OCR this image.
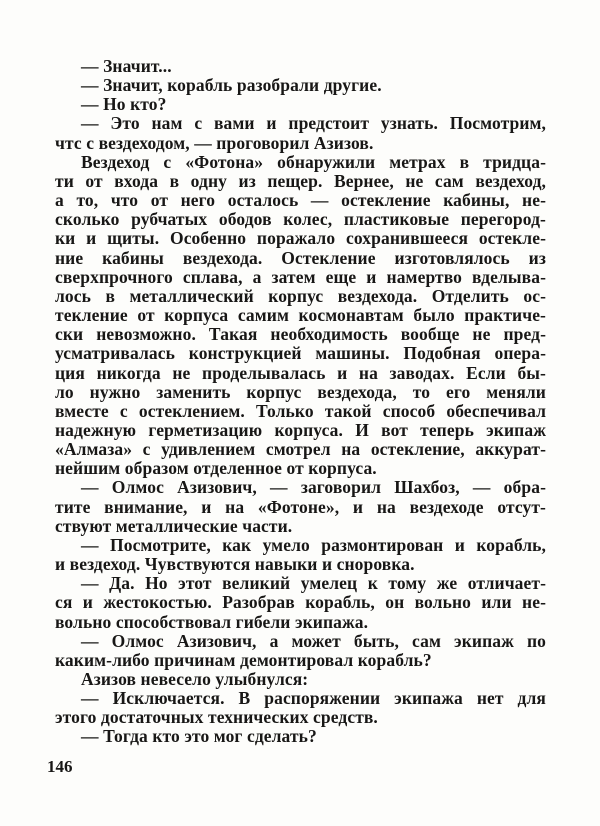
— Значит...

— Значит, корабль разобрали другие.

— Но кто?

— Это нам с вами и предстоит узнать. Посмотрим,
чтс с вездеходом, — проговорил Азизов.

Вездеход с «Фотона» обнаружили метрах в тридца-
ти от входа в одну из пещер. Вернее, не сам вездеход,
а то, что от него осталось — остекление кабины, не-
сколько рубчатых ободов колес, пластиковые перегород-
ки и щиты. Особенно поражало сохранившееся остекле-
ние кабины вездехода. Остекление изготовлялось из
сверхпрочного сплава, а затем еще и намертво вделыва-
лось в металлический корпус вездехода. Отделить ос-
текление от корпуса самим космонавтам было практиче-
ски невозможно. Такая необходимость вообще не пред-
усматривалась конструкцией машины. Подобная опера-
ция никогда не проделывалась и на заводах. Если бы-
ло нужно заменить корпус вездехода, то его меняли
вместе с остеклением. Только такой способ обеспечивал
надежную герметизацию корпуса. И вот теперь экипаж
«Алмаза» с удивлением смотрел на остекление, аккурат-
нейшим образом отделенное от корпуса.

— Олмос Азизович, — заговорил Шахбоз, — обра-
тите внимание, и на «Фотоне», и на вездеходе отсут-
ствуют металлические части.

— Посмотрите, как умело размонтирован и корабль,
и вездеход. Чувствуются навыки и сноровка.

— Да. Но этот великий умелец к тому же отличает-
ся и жестокостью. Разобрав корабль, он вольно или не-
вольно способствовал гибели экипажа.

— Олмос Азизович, а может быть, сам экипаж по
каким-либо причинам демонтировал корабль?

Азизов невесело улыбнулся:

— Исключается. В распоряжении экипажа нет для
этого достаточных технических средств.

— Тогда кто это мог сделать?

146
